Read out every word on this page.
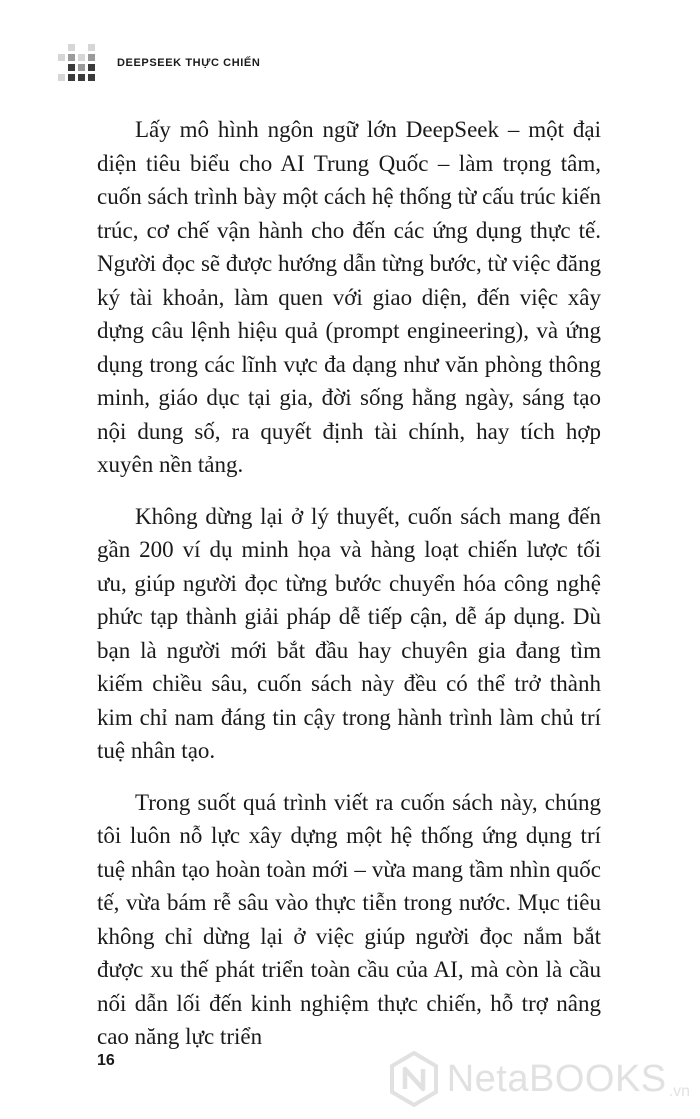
DEEPSEEK THỰC CHIẾN

Lấy mô hình ngôn ngữ lớn DeepSeek – một đại diện tiêu biểu cho AI Trung Quốc – làm trọng tâm, cuốn sách trình bày một cách hệ thống từ cấu trúc kiến trúc, cơ chế vận hành cho đến các ứng dụng thực tế. Người đọc sẽ được hướng dẫn từng bước, từ việc đăng ký tài khoản, làm quen với giao diện, đến việc xây dựng câu lệnh hiệu quả (prompt engineering), và ứng dụng trong các lĩnh vực đa dạng như văn phòng thông minh, giáo dục tại gia, đời sống hằng ngày, sáng tạo nội dung số, ra quyết định tài chính, hay tích hợp xuyên nền tảng.

Không dừng lại ở lý thuyết, cuốn sách mang đến gần 200 ví dụ minh họa và hàng loạt chiến lược tối ưu, giúp người đọc từng bước chuyển hóa công nghệ phức tạp thành giải pháp dễ tiếp cận, dễ áp dụng. Dù bạn là người mới bắt đầu hay chuyên gia đang tìm kiếm chiều sâu, cuốn sách này đều có thể trở thành kim chỉ nam đáng tin cậy trong hành trình làm chủ trí tuệ nhân tạo.

Trong suốt quá trình viết ra cuốn sách này, chúng tôi luôn nỗ lực xây dựng một hệ thống ứng dụng trí tuệ nhân tạo hoàn toàn mới – vừa mang tầm nhìn quốc tế, vừa bám rễ sâu vào thực tiễn trong nước. Mục tiêu không chỉ dừng lại ở việc giúp người đọc nắm bắt được xu thế phát triển toàn cầu của AI, mà còn là cầu nối dẫn lối đến kinh nghiệm thực chiến, hỗ trợ nâng cao năng lực triển

16	NetaBOOKS .vn
